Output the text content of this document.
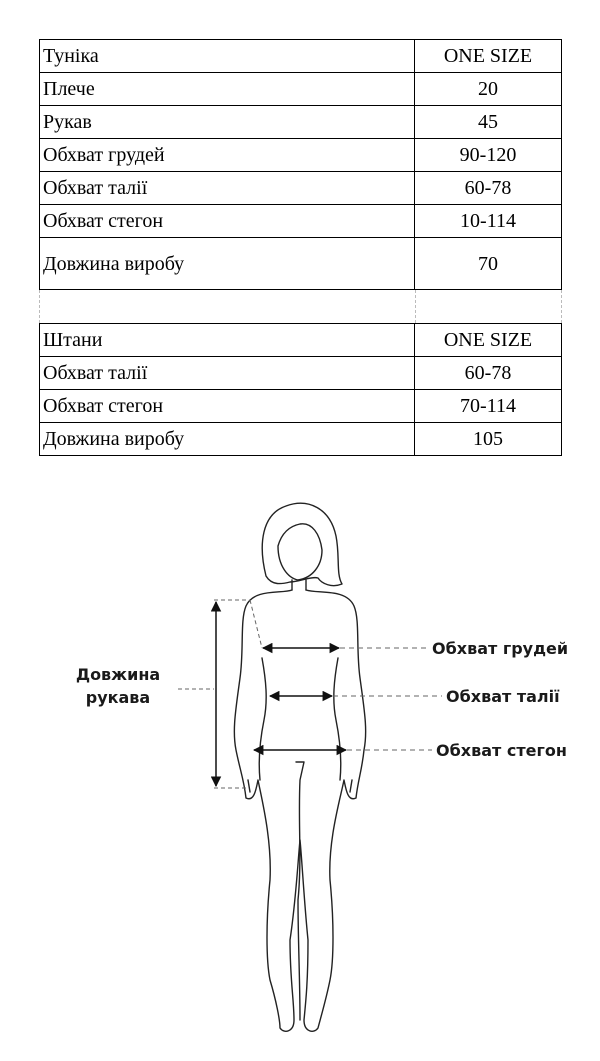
Туніка	ONE SIZE
Плече	20
Рукав	45
Обхват грудей	90-120
Обхват талії	60-78
Обхват стегон	10-114
Довжина виробу	70
Штани	ONE SIZE
Обхват талії	60-78
Обхват стегон	70-114
Довжина виробу	105
Довжина
рукава
Обхват грудей
Обхват талії
Обхват стегон
